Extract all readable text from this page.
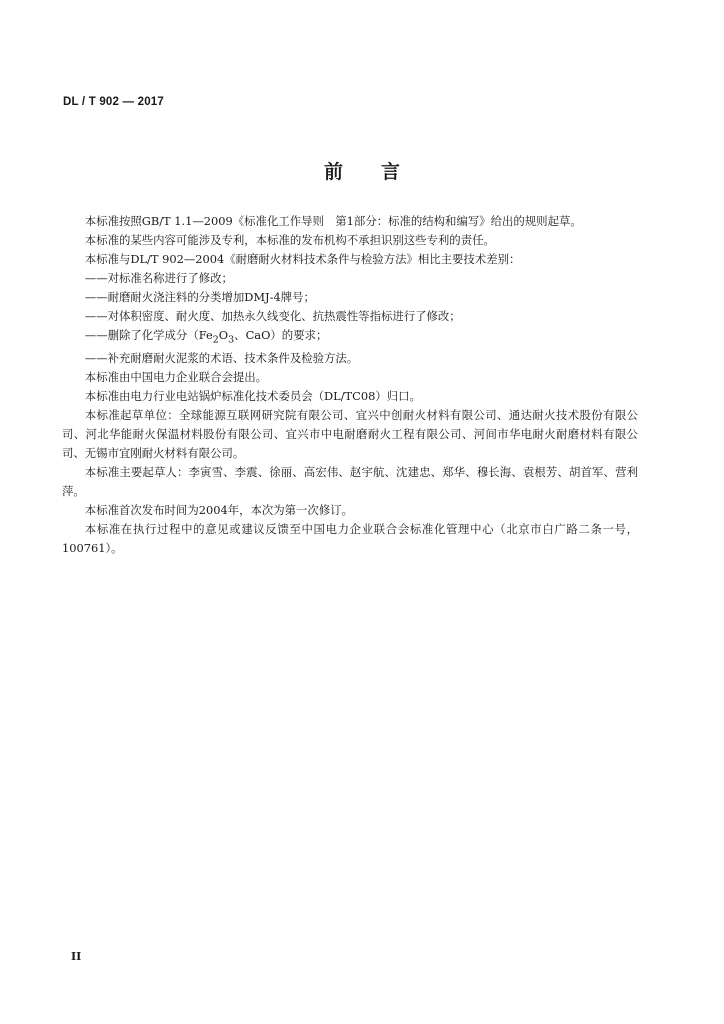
DL / T 902 — 2017
前言

本标准按照GB/T 1.1—2009《标准化工作导则　第1部分：标准的结构和编写》给出的规则起草。

本标准的某些内容可能涉及专利，本标准的发布机构不承担识别这些专利的责任。

本标准与DL/T 902—2004《耐磨耐火材料技术条件与检验方法》相比主要技术差别：

——对标准名称进行了修改；

——耐磨耐火浇注料的分类增加DMJ-4牌号；

——对体积密度、耐火度、加热永久线变化、抗热震性等指标进行了修改；

——删除了化学成分（$Fe_2O_3$、CaO）的要求；

——补充耐磨耐火泥浆的术语、技术条件及检验方法。

本标准由中国电力企业联合会提出。

本标准由电力行业电站锅炉标准化技术委员会（DL/TC08）归口。

本标准起草单位：全球能源互联网研究院有限公司、宜兴中创耐火材料有限公司、通达耐火技术股份有限公司、河北华能耐火保温材料股份有限公司、宜兴市中电耐磨耐火工程有限公司、河间市华电耐火耐磨材料有限公司、无锡市宜刚耐火材料有限公司。

本标准主要起草人：李寅雪、李震、徐丽、高宏伟、赵宇航、沈建忠、郑华、穆长海、袁根芳、胡首军、营利萍。

本标准首次发布时间为2004年，本次为第一次修订。

本标准在执行过程中的意见或建议反馈至中国电力企业联合会标准化管理中心（北京市白广路二条一号，100761）。

II
